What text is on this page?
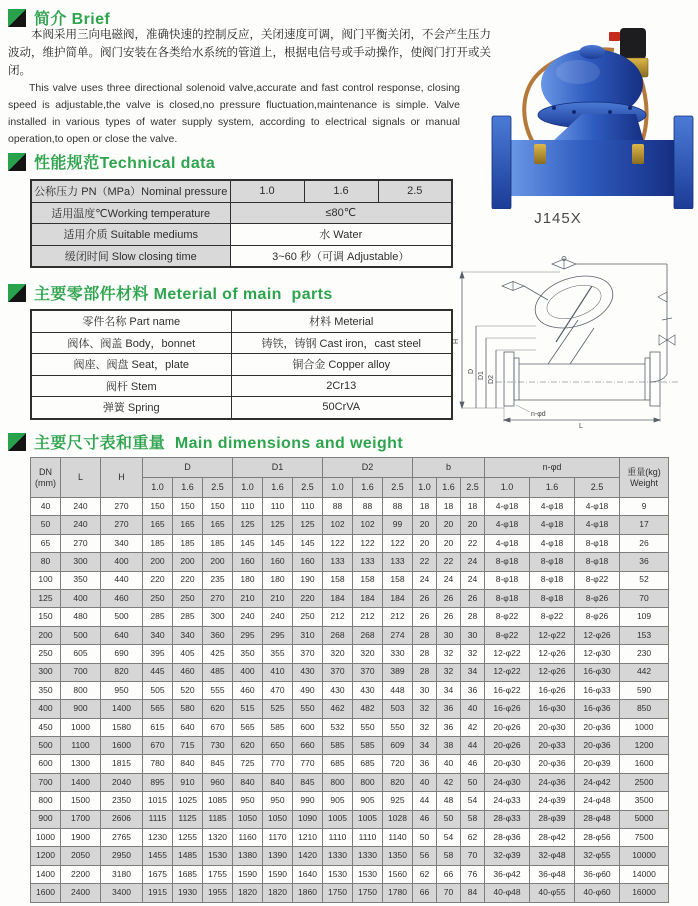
简介 Brief

本阀采用三向电磁阀，准确快速的控制反应，关闭速度可调，阀门平衡关闭，不会产生压力波动，维护简单。阀门安装在各类给水系统的管道上，根据电信号或手动操作，使阀门打开或关闭。

This valve uses three directional solenoid valve,accurate and fast control response, closing speed is adjustable,the valve is closed,no pressure fluctuation,maintenance is simple. Valve installed in various types of water supply system, according to electrical signals or manual operation,to open or close the valve.

J145X
性能规范Technical data
公称压力 PN（MPa）Nominal pressure	1.0	1.6	2.5
适用温度℃Working temperature	≤80℃		
适用介质 Suitable mediums	水 Water		
缓闭时间 Slow closing time	3~60 秒（可调 Adjustable）		
主要零部件材料 Meterial of main  parts
零件名称 Part name	材料 Meterial
阀体、阀盖 Body，bonnet	铸铁，铸钢 Cast iron，cast steel
阀座、阀盘 Seat，plate	铜合金 Copper alloy
阀杆 Stem	2Cr13
弹簧 Spring	50CrVA
H
D D1 D2
L
n-φd
主要尺寸表和重量  Main dimensions and weight
DN
(mm)
	L	H	D	D1	D2	b	n-φd	重量(kg)
Weight

			1.0	1.6	2.5	1.0	1.6	2.5	1.0	1.6	2.5	1.0	1.6	2.5	1.0	1.6	2.5	
40	240	270	150	150	150	110	110	110	88	88	88	18	18	18	4-φ18	4-φ18	4-φ18	9
50	240	270	165	165	165	125	125	125	102	102	99	20	20	20	4-φ18	4-φ18	4-φ18	17
65	270	340	185	185	185	145	145	145	122	122	122	20	20	22	4-φ18	4-φ18	8-φ18	26
80	300	400	200	200	200	160	160	160	133	133	133	22	22	24	8-φ18	8-φ18	8-φ18	36
100	350	440	220	220	235	180	180	190	158	158	158	24	24	24	8-φ18	8-φ18	8-φ22	52
125	400	460	250	250	270	210	210	220	184	184	184	26	26	26	8-φ18	8-φ18	8-φ26	70
150	480	500	285	285	300	240	240	250	212	212	212	26	26	28	8-φ22	8-φ22	8-φ26	109
200	500	640	340	340	360	295	295	310	268	268	274	28	30	30	8-φ22	12-φ22	12-φ26	153
250	605	690	395	405	425	350	355	370	320	320	330	28	32	32	12-φ22	12-φ26	12-φ30	230
300	700	820	445	460	485	400	410	430	370	370	389	28	32	34	12-φ22	12-φ26	16-φ30	442
350	800	950	505	520	555	460	470	490	430	430	448	30	34	36	16-φ22	16-φ26	16-φ33	590
400	900	1400	565	580	620	515	525	550	462	482	503	32	36	40	16-φ26	16-φ30	16-φ36	850
450	1000	1580	615	640	670	565	585	600	532	550	550	32	36	42	20-φ26	20-φ30	20-φ36	1000
500	1100	1600	670	715	730	620	650	660	585	585	609	34	38	44	20-φ26	20-φ33	20-φ36	1200
600	1300	1815	780	840	845	725	770	770	685	685	720	36	40	46	20-φ30	20-φ36	20-φ39	1600
700	1400	2040	895	910	960	840	840	845	800	800	820	40	42	50	24-φ30	24-φ36	24-φ42	2500
800	1500	2350	1015	1025	1085	950	950	990	905	905	925	44	48	54	24-φ33	24-φ39	24-φ48	3500
900	1700	2606	1115	1125	1185	1050	1050	1090	1005	1005	1028	46	50	58	28-φ33	28-φ39	28-φ48	5000
1000	1900	2765	1230	1255	1320	1160	1170	1210	1110	1110	1140	50	54	62	28-φ36	28-φ42	28-φ56	7500
1200	2050	2950	1455	1485	1530	1380	1390	1420	1330	1330	1350	56	58	70	32-φ39	32-φ48	32-φ55	10000
1400	2200	3180	1675	1685	1755	1590	1590	1640	1530	1530	1560	62	66	76	36-φ42	36-φ48	36-φ60	14000
1600	2400	3400	1915	1930	1955	1820	1820	1860	1750	1750	1780	66	70	84	40-φ48	40-φ55	40-φ60	16000
